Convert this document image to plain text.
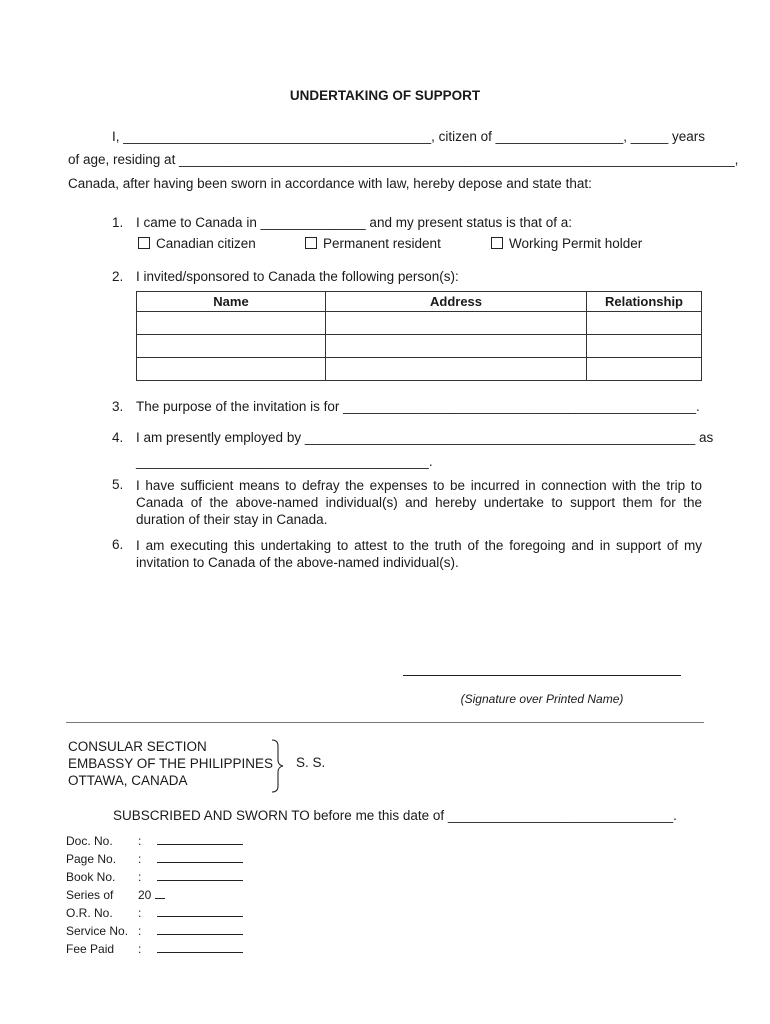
UNDERTAKING OF SUPPORT
I, _________________________________________, citizen of _________________, _____ years
of age, residing at __________________________________________________________________________,
Canada, after having been sworn in accordance with law, hereby depose and state that:
1. I came to Canada in ______________ and my present status is that of a:
Canadian citizen	Permanent resident	Working Permit holder
2. I invited/sponsored to Canada the following person(s):
Name	Address	Relationship

3. The purpose of the invitation is for _______________________________________________.
4. I am presently employed by ____________________________________________________ as
_______________________________________.
5. I have sufficient means to defray the expenses to be incurred in connection with the trip to Canada of the above-named individual(s) and hereby undertake to support them for the duration of their stay in Canada.
6. I am executing this undertaking to attest to the truth of the foregoing and in support of my invitation to Canada of the above-named individual(s).
(Signature over Printed Name)
CONSULAR SECTION
EMBASSY OF THE PHILIPPINES
OTTAWA, CANADA
S. S.
SUBSCRIBED AND SWORN TO before me this date of ______________________________.
Doc. No. :
Page No. :
Book No. :
Series of 20
O.R. No. :
Service No. :
Fee Paid :
